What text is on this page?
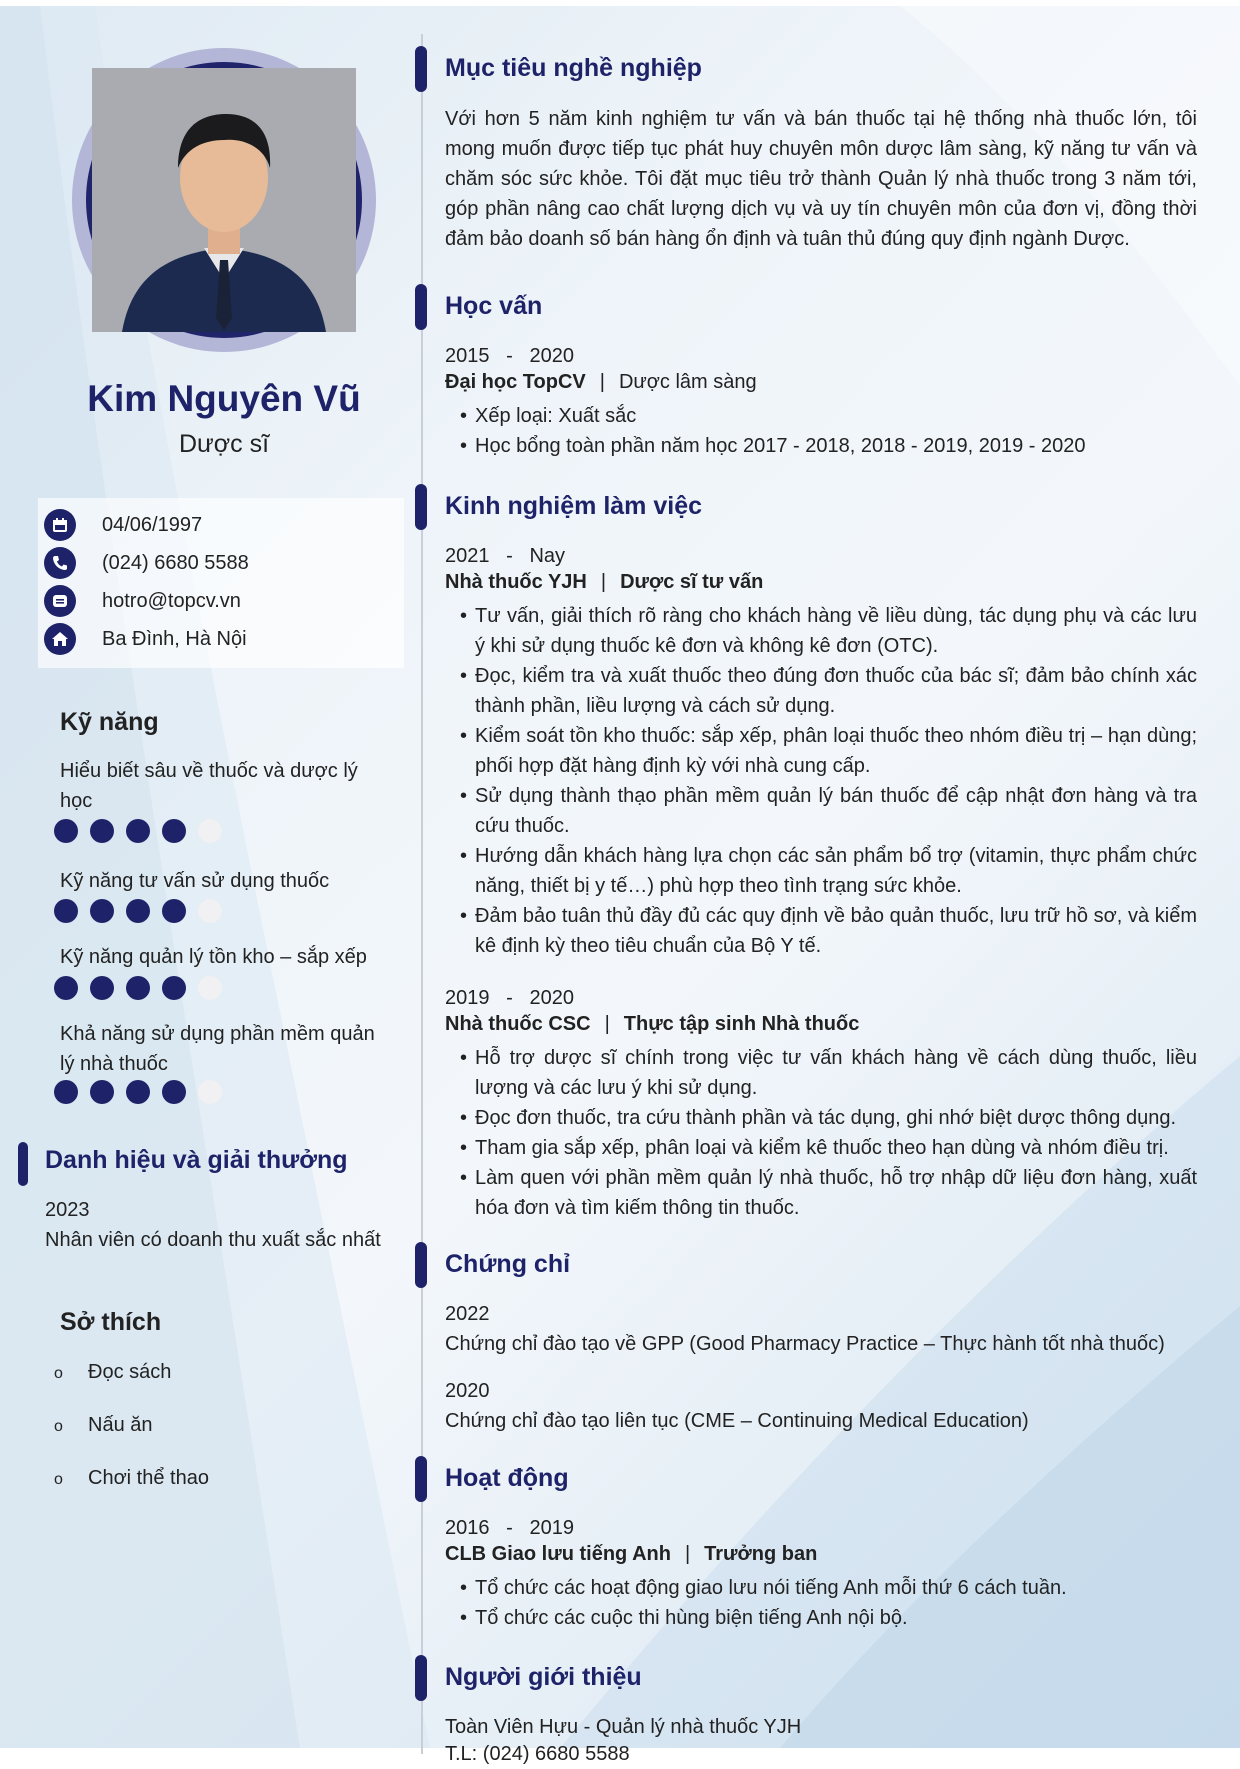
Kim Nguyên Vũ
Dược sĩ
04/06/1997
(024) 6680 5588
hotro@topcv.vn
Ba Đình, Hà Nội
Kỹ năng
Hiểu biết sâu về thuốc và dược lý học
Kỹ năng tư vấn sử dụng thuốc
Kỹ năng quản lý tồn kho – sắp xếp
Khả năng sử dụng phần mềm quản lý nhà thuốc
Danh hiệu và giải thưởng
2023
Nhân viên có doanh thu xuất sắc nhất
Sở thích
o Đọc sách
o Nấu ăn
o Chơi thể thao
Mục tiêu nghề nghiệp
Với hơn 5 năm kinh nghiệm tư vấn và bán thuốc tại hệ thống nhà thuốc lớn, tôi mong muốn được tiếp tục phát huy chuyên môn dược lâm sàng, kỹ năng tư vấn và chăm sóc sức khỏe. Tôi đặt mục tiêu trở thành Quản lý nhà thuốc trong 3 năm tới, góp phần nâng cao chất lượng dịch vụ và uy tín chuyên môn của đơn vị, đồng thời đảm bảo doanh số bán hàng ổn định và tuân thủ đúng quy định ngành Dược.
Học vấn
2015   -   2020
Đại học TopCV | Dược lâm sàng
• Xếp loại: Xuất sắc
• Học bổng toàn phần năm học 2017 - 2018, 2018 - 2019, 2019 - 2020
Kinh nghiệm làm việc
2021   -   Nay
Nhà thuốc YJH | Dược sĩ tư vấn
• Tư vấn, giải thích rõ ràng cho khách hàng về liều dùng, tác dụng phụ và các lưu ý khi sử dụng thuốc kê đơn và không kê đơn (OTC).
• Đọc, kiểm tra và xuất thuốc theo đúng đơn thuốc của bác sĩ; đảm bảo chính xác thành phần, liều lượng và cách sử dụng.
• Kiểm soát tồn kho thuốc: sắp xếp, phân loại thuốc theo nhóm điều trị – hạn dùng; phối hợp đặt hàng định kỳ với nhà cung cấp.
• Sử dụng thành thạo phần mềm quản lý bán thuốc để cập nhật đơn hàng và tra cứu thuốc.
• Hướng dẫn khách hàng lựa chọn các sản phẩm bổ trợ (vitamin, thực phẩm chức năng, thiết bị y tế…) phù hợp theo tình trạng sức khỏe.
• Đảm bảo tuân thủ đầy đủ các quy định về bảo quản thuốc, lưu trữ hồ sơ, và kiểm kê định kỳ theo tiêu chuẩn của Bộ Y tế.
2019   -   2020
Nhà thuốc CSC | Thực tập sinh Nhà thuốc
• Hỗ trợ dược sĩ chính trong việc tư vấn khách hàng về cách dùng thuốc, liều lượng và các lưu ý khi sử dụng.
• Đọc đơn thuốc, tra cứu thành phần và tác dụng, ghi nhớ biệt dược thông dụng.
• Tham gia sắp xếp, phân loại và kiểm kê thuốc theo hạn dùng và nhóm điều trị.
• Làm quen với phần mềm quản lý nhà thuốc, hỗ trợ nhập dữ liệu đơn hàng, xuất hóa đơn và tìm kiếm thông tin thuốc.
Chứng chỉ
2022
Chứng chỉ đào tạo về GPP (Good Pharmacy Practice – Thực hành tốt nhà thuốc)
2020
Chứng chỉ đào tạo liên tục (CME – Continuing Medical Education)
Hoạt động
2016   -   2019
CLB Giao lưu tiếng Anh | Trưởng ban
• Tổ chức các hoạt động giao lưu nói tiếng Anh mỗi thứ 6 cách tuần.
• Tổ chức các cuộc thi hùng biện tiếng Anh nội bộ.
Người giới thiệu
Toàn Viên Hựu - Quản lý nhà thuốc YJH
T.L: (024) 6680 5588
